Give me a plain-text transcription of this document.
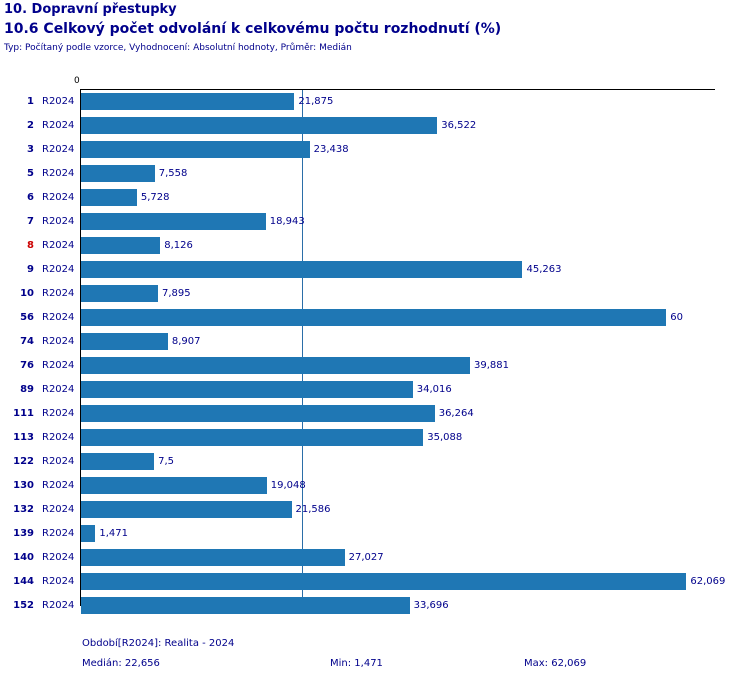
10. Dopravní přestupky
10.6 Celkový počet odvolání k celkovému počtu rozhodnutí (%)
Typ: Počítaný podle vzorce, Vyhodnocení: Absolutní hodnoty, Průměr: Medián
0
1 R2024	21,875
2 R2024	36,522
3 R2024	23,438
5 R2024	7,558
6 R2024	5,728
7 R2024	18,943
8 R2024	8,126
9 R2024	45,263
10 R2024	7,895
56 R2024	60
74 R2024	8,907
76 R2024	39,881
89 R2024	34,016
111 R2024	36,264
113 R2024	35,088
122 R2024	7,5
130 R2024	19,048
132 R2024	21,586
139 R2024 1,471
140 R2024	27,027
144 R2024	62,069
152 R2024	33,696
Období[R2024]: Realita - 2024
Medián: 22,656	Min: 1,471	Max: 62,069
